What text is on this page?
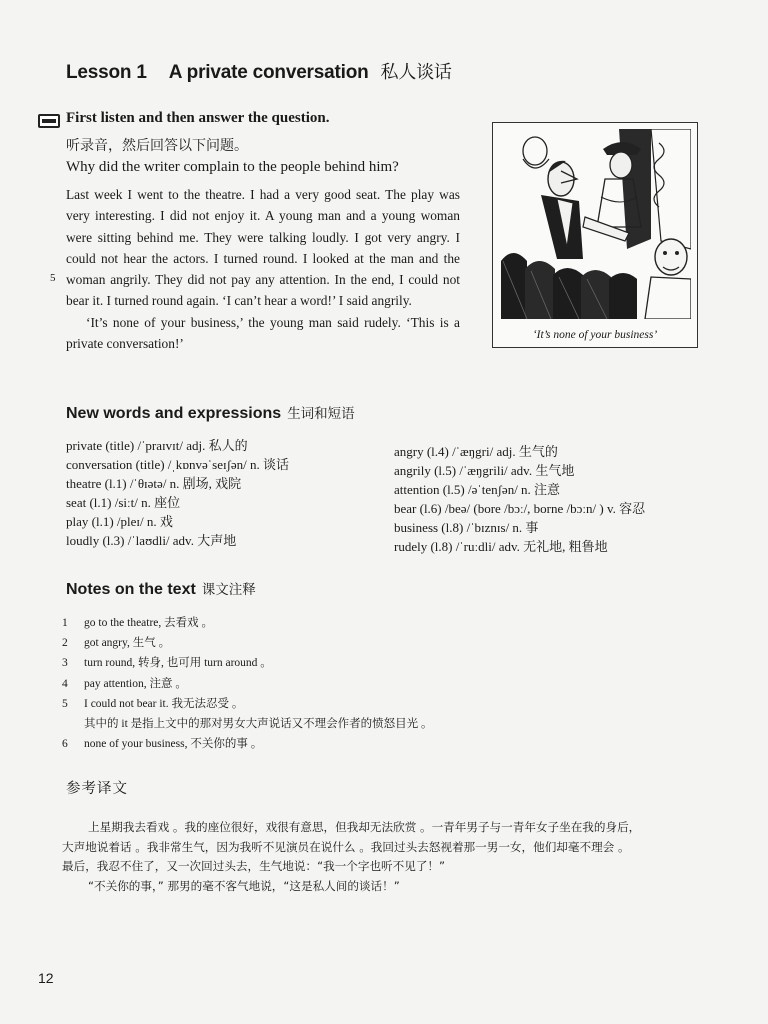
Lesson 1 A private conversation 私人谈话
First listen and then answer the question.
听录音，然后回答以下问题。
Why did the writer complain to the people behind him?

Last week I went to the theatre. I had a very good seat. The play was very interesting. I did not enjoy it. A young man and a young woman were sitting behind me. They were talking loudly. I got very angry. I could not hear the actors. I turned round. I looked at the man and the woman angrily. They did not pay any attention. In the end, I could not bear it. I turned round again. ‘I can’t hear a word!’ I said angrily.

‘It’s none of your business,’ the young man said rudely. ‘This is a private conversation!’

5
‘It’s none of your business’
New words and expressions 生词和短语
private (title) /ˈpraɪvɪt/ adj. 私人的
conversation (title) /ˌkɒnvəˈseɪʃən/ n. 谈话
theatre (l.1) /ˈθɪətə/ n. 剧场, 戏院
seat (l.1) /siːt/ n. 座位
play (l.1) /pleɪ/ n. 戏
loudly (l.3) /ˈlaʊdli/ adv. 大声地
angry (l.4) /ˈæŋgri/ adj. 生气的
angrily (l.5) /ˈæŋgrili/ adv. 生气地
attention (l.5) /əˈtenʃən/ n. 注意
bear (l.6) /beə/ (bore /bɔː/, borne /bɔːn/ ) v. 容忍
business (l.8) /ˈbɪznɪs/ n. 事
rudely (l.8) /ˈruːdli/ adv. 无礼地, 粗鲁地
Notes on the text 课文注释
1 go to the theatre, 去看戏 。
2 got angry, 生气 。
3 turn round, 转身, 也可用 turn around 。
4 pay attention, 注意 。
5 I could not bear it. 我无法忍受 。
其中的 it 是指上文中的那对男女大声说话又不理会作者的愤怒目光 。
6 none of your business, 不关你的事 。
参考译文
上星期我去看戏 。我的座位很好，戏很有意思，但我却无法欣赏 。一青年男子与一青年女子坐在我的身后，
大声地说着话 。我非常生气，因为我听不见演员在说什么 。我回过头去怒视着那一男一女，他们却毫不理会 。
最后，我忍不住了，又一次回过头去，生气地说：“我一个字也听不见了！”
“不关你的事，” 那男的毫不客气地说，“这是私人间的谈话！”
12
